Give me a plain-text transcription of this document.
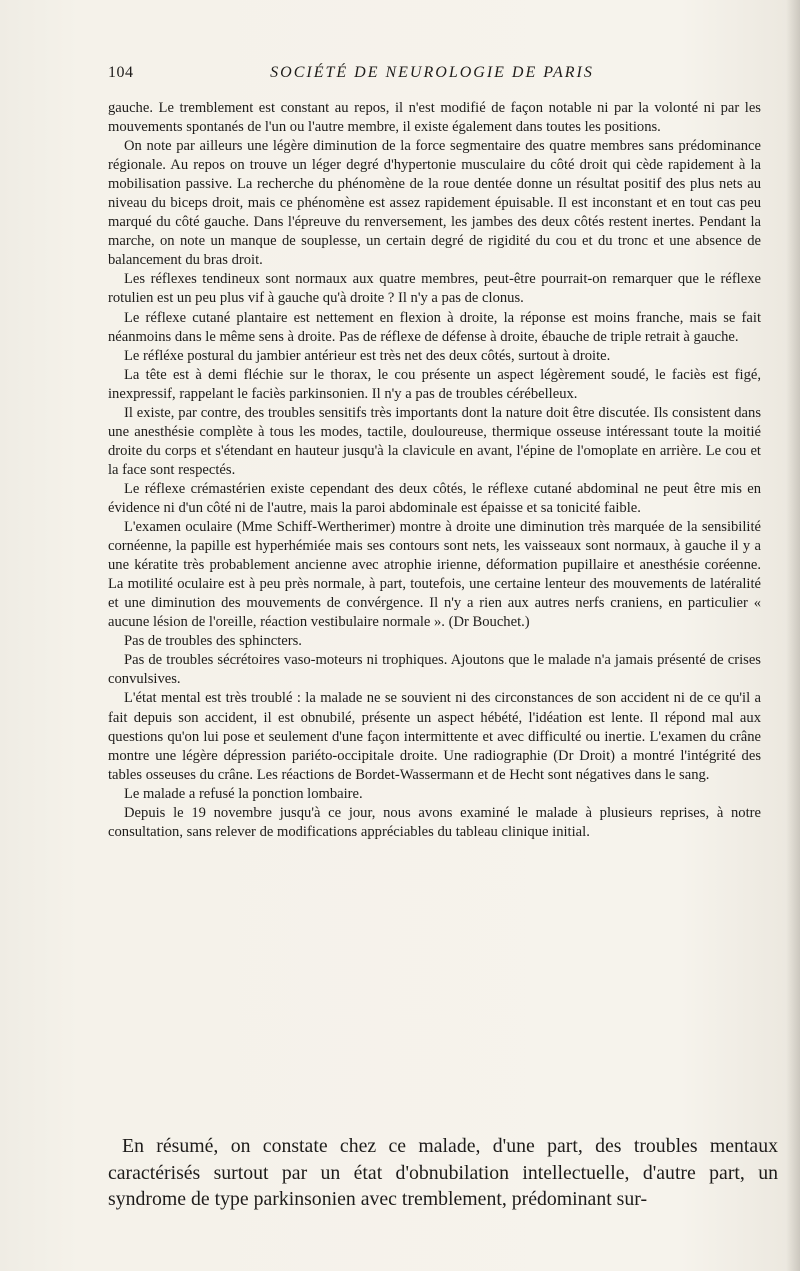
104	SOCIÉTÉ DE NEUROLOGIE DE PARIS

gauche. Le tremblement est constant au repos, il n'est modifié de façon notable ni par la volonté ni par les mouvements spontanés de l'un ou l'autre membre, il existe également dans toutes les positions.

On note par ailleurs une légère diminution de la force segmentaire des quatre membres sans prédominance régionale. Au repos on trouve un léger degré d'hypertonie musculaire du côté droit qui cède rapidement à la mobilisation passive. La recherche du phénomène de la roue dentée donne un résultat positif des plus nets au niveau du biceps droit, mais ce phénomène est assez rapidement épuisable. Il est inconstant et en tout cas peu marqué du côté gauche. Dans l'épreuve du renversement, les jambes des deux côtés restent inertes. Pendant la marche, on note un manque de souplesse, un certain degré de rigidité du cou et du tronc et une absence de balancement du bras droit.

Les réflexes tendineux sont normaux aux quatre membres, peut-être pourrait-on remarquer que le réflexe rotulien est un peu plus vif à gauche qu'à droite ? Il n'y a pas de clonus.

Le réflexe cutané plantaire est nettement en flexion à droite, la réponse est moins franche, mais se fait néanmoins dans le même sens à droite. Pas de réflexe de défense à droite, ébauche de triple retrait à gauche.

Le réfléxe postural du jambier antérieur est très net des deux côtés, surtout à droite.

La tête est à demi fléchie sur le thorax, le cou présente un aspect légèrement soudé, le faciès est figé, inexpressif, rappelant le faciès parkinsonien. Il n'y a pas de troubles cérébelleux.

Il existe, par contre, des troubles sensitifs très importants dont la nature doit être discutée. Ils consistent dans une anesthésie complète à tous les modes, tactile, douloureuse, thermique osseuse intéressant toute la moitié droite du corps et s'étendant en hauteur jusqu'à la clavicule en avant, l'épine de l'omoplate en arrière. Le cou et la face sont respectés.

Le réflexe crémastérien existe cependant des deux côtés, le réflexe cutané abdominal ne peut être mis en évidence ni d'un côté ni de l'autre, mais la paroi abdominale est épaisse et sa tonicité faible.

L'examen oculaire (Mme Schiff-Wertherimer) montre à droite une diminution très marquée de la sensibilité cornéenne, la papille est hyperhémiée mais ses contours sont nets, les vaisseaux sont normaux, à gauche il y a une kératite très probablement ancienne avec atrophie irienne, déformation pupillaire et anesthésie coréenne. La motilité oculaire est à peu près normale, à part, toutefois, une certaine lenteur des mouvements de latéralité et une diminution des mouvements de convérgence. Il n'y a rien aux autres nerfs craniens, en particulier « aucune lésion de l'oreille, réaction vestibulaire normale ». (Dr Bouchet.)

Pas de troubles des sphincters.

Pas de troubles sécrétoires vaso-moteurs ni trophiques. Ajoutons que le malade n'a jamais présenté de crises convulsives.

L'état mental est très troublé : la malade ne se souvient ni des circonstances de son accident ni de ce qu'il a fait depuis son accident, il est obnubilé, présente un aspect hébété, l'idéation est lente. Il répond mal aux questions qu'on lui pose et seulement d'une façon intermittente et avec difficulté ou inertie. L'examen du crâne montre une légère dépression pariéto-occipitale droite. Une radiographie (Dr Droit) a montré l'intégrité des tables osseuses du crâne. Les réactions de Bordet-Wassermann et de Hecht sont négatives dans le sang.

Le malade a refusé la ponction lombaire.

Depuis le 19 novembre jusqu'à ce jour, nous avons examiné le malade à plusieurs reprises, à notre consultation, sans relever de modifications appréciables du tableau clinique initial.

En résumé, on constate chez ce malade, d'une part, des troubles mentaux caractérisés surtout par un état d'obnubilation intellectuelle, d'autre part, un syndrome de type parkinsonien avec tremblement, prédominant sur-
